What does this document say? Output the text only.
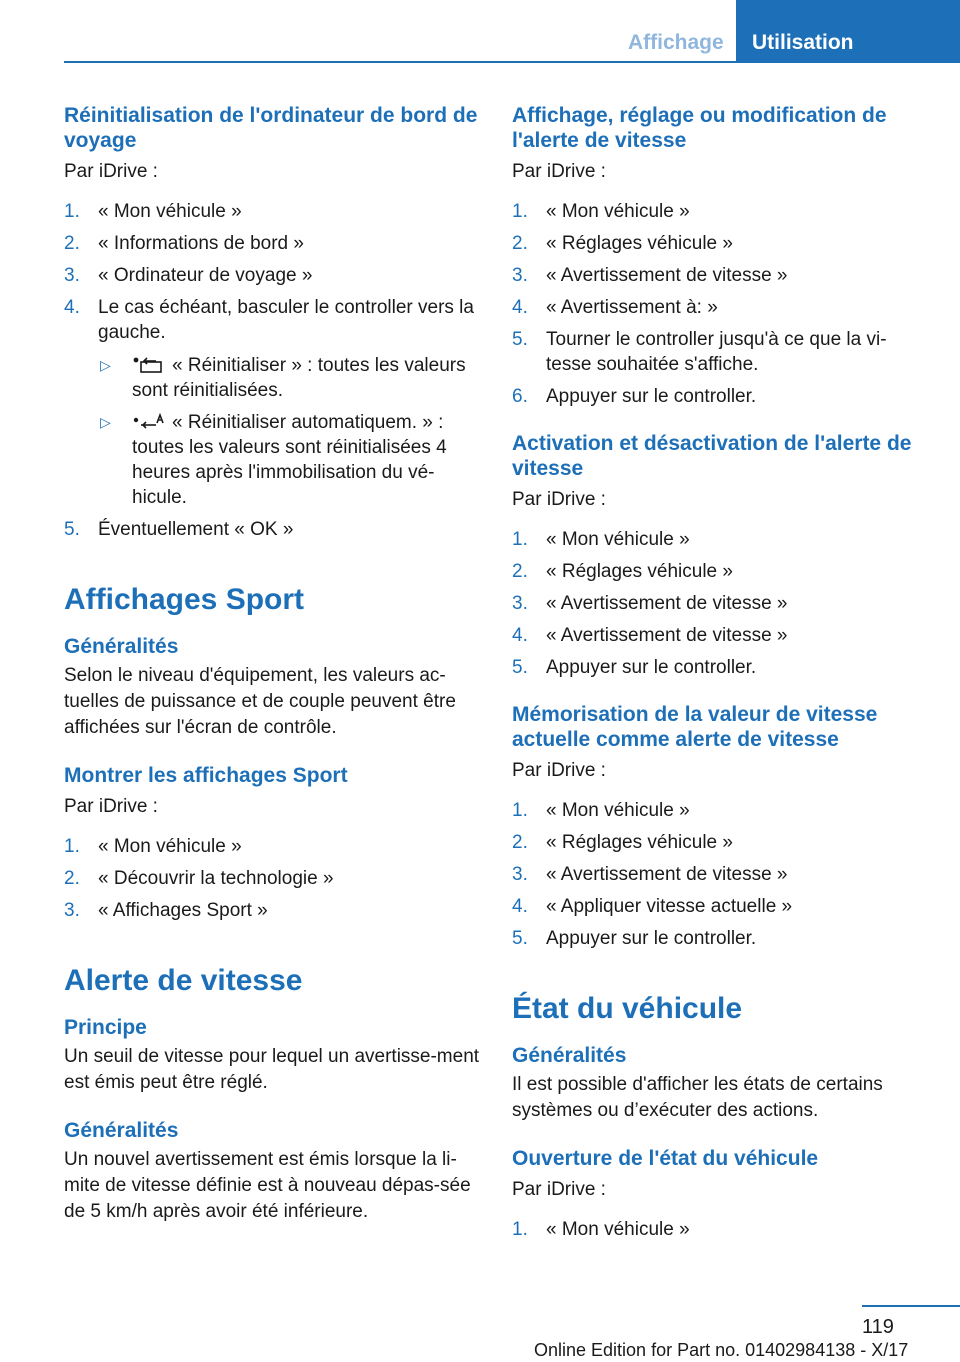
Affichage	Utilisation
Réinitialisation de l'ordinateur de bord de voyage

Par iDrive :

1. « Mon véhicule »
2. « Informations de bord »
3. « Ordinateur de voyage »
4. Le cas échéant, basculer le controller vers la gauche.
▷	« Réinitialiser » : toutes les valeurs sont réinitialisées.
▷	« Réinitialiser automatiquem. » : toutes les valeurs sont réinitialisées 4 heures après l'immobilisation du vé‐hicule.
5. Éventuellement « OK »
Affichages Sport
Généralités

Selon le niveau d'équipement, les valeurs ac‐tuelles de puissance et de couple peuvent être affichées sur l'écran de contrôle.

Montrer les affichages Sport

Par iDrive :

1. « Mon véhicule »
2. « Découvrir la technologie »
3. « Affichages Sport »
Alerte de vitesse
Principe

Un seuil de vitesse pour lequel un avertisse‐ment est émis peut être réglé.

Généralités

Un nouvel avertissement est émis lorsque la li‐mite de vitesse définie est à nouveau dépas‐sée de 5 km/h après avoir été inférieure.

Affichage, réglage ou modification de l'alerte de vitesse

Par iDrive :

1. « Mon véhicule »
2. « Réglages véhicule »
3. « Avertissement de vitesse »
4. « Avertissement à: »
5. Tourner le controller jusqu'à ce que la vi‐tesse souhaitée s'affiche.
6. Appuyer sur le controller.
Activation et désactivation de l'alerte de vitesse

Par iDrive :

1. « Mon véhicule »
2. « Réglages véhicule »
3. « Avertissement de vitesse »
4. « Avertissement de vitesse »
5. Appuyer sur le controller.
Mémorisation de la valeur de vitesse actuelle comme alerte de vitesse

Par iDrive :

1. « Mon véhicule »
2. « Réglages véhicule »
3. « Avertissement de vitesse »
4. « Appliquer vitesse actuelle »
5. Appuyer sur le controller.
État du véhicule
Généralités

Il est possible d'afficher les états de certains systèmes ou d’exécuter des actions.

Ouverture de l'état du véhicule

Par iDrive :

1. « Mon véhicule »
119
Online Edition for Part no. 01402984138 - X/17
